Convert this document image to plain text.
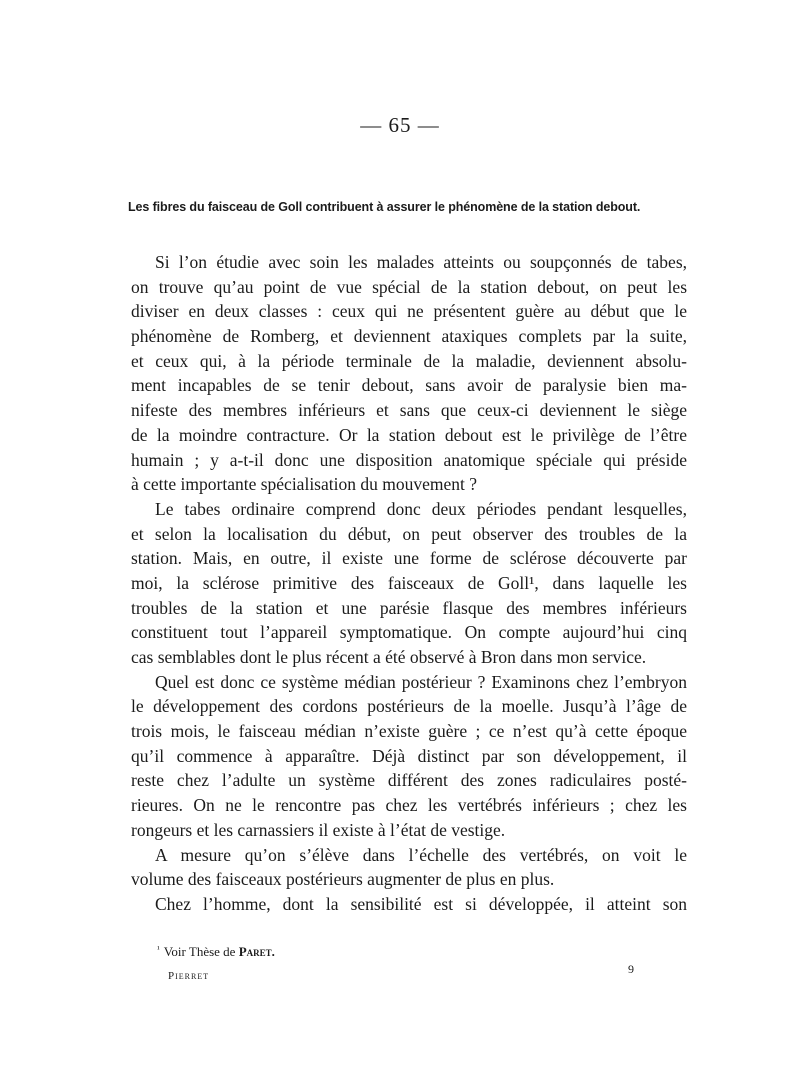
— 65 —
Les fibres du faisceau de Goll contribuent à assurer le phénomène de la station debout.
Si l’on étudie avec soin les malades atteints ou soupçonnés de tabes,
on trouve qu’au point de vue spécial de la station debout, on peut les
diviser en deux classes : ceux qui ne présentent guère au début que le
phénomène de Romberg, et deviennent ataxiques complets par la suite,
et ceux qui, à la période terminale de la maladie, deviennent absolu-
ment incapables de se tenir debout, sans avoir de paralysie bien ma-
nifeste des membres inférieurs et sans que ceux-ci deviennent le siège
de la moindre contracture. Or la station debout est le privilège de l’être
humain ; y a-t-il donc une disposition anatomique spéciale qui préside
à cette importante spécialisation du mouvement ?
Le tabes ordinaire comprend donc deux périodes pendant lesquelles,
et selon la localisation du début, on peut observer des troubles de la
station. Mais, en outre, il existe une forme de sclérose découverte par
moi, la sclérose primitive des faisceaux de Goll¹, dans laquelle les
troubles de la station et une parésie flasque des membres inférieurs
constituent tout l’appareil symptomatique. On compte aujourd’hui cinq
cas semblables dont le plus récent a été observé à Bron dans mon service.
Quel est donc ce système médian postérieur ? Examinons chez l’embryon
le développement des cordons postérieurs de la moelle. Jusqu’à l’âge de
trois mois, le faisceau médian n’existe guère ; ce n’est qu’à cette époque
qu’il commence à apparaître. Déjà distinct par son développement, il
reste chez l’adulte un système différent des zones radiculaires posté-
rieures. On ne le rencontre pas chez les vertébrés inférieurs ; chez les
rongeurs et les carnassiers il existe à l’état de vestige.
A mesure qu’on s’élève dans l’échelle des vertébrés, on voit le
volume des faisceaux postérieurs augmenter de plus en plus.
Chez l’homme, dont la sensibilité est si développée, il atteint son
$^{^1}$ Voir Thèse de Paret.
Pierret	9
